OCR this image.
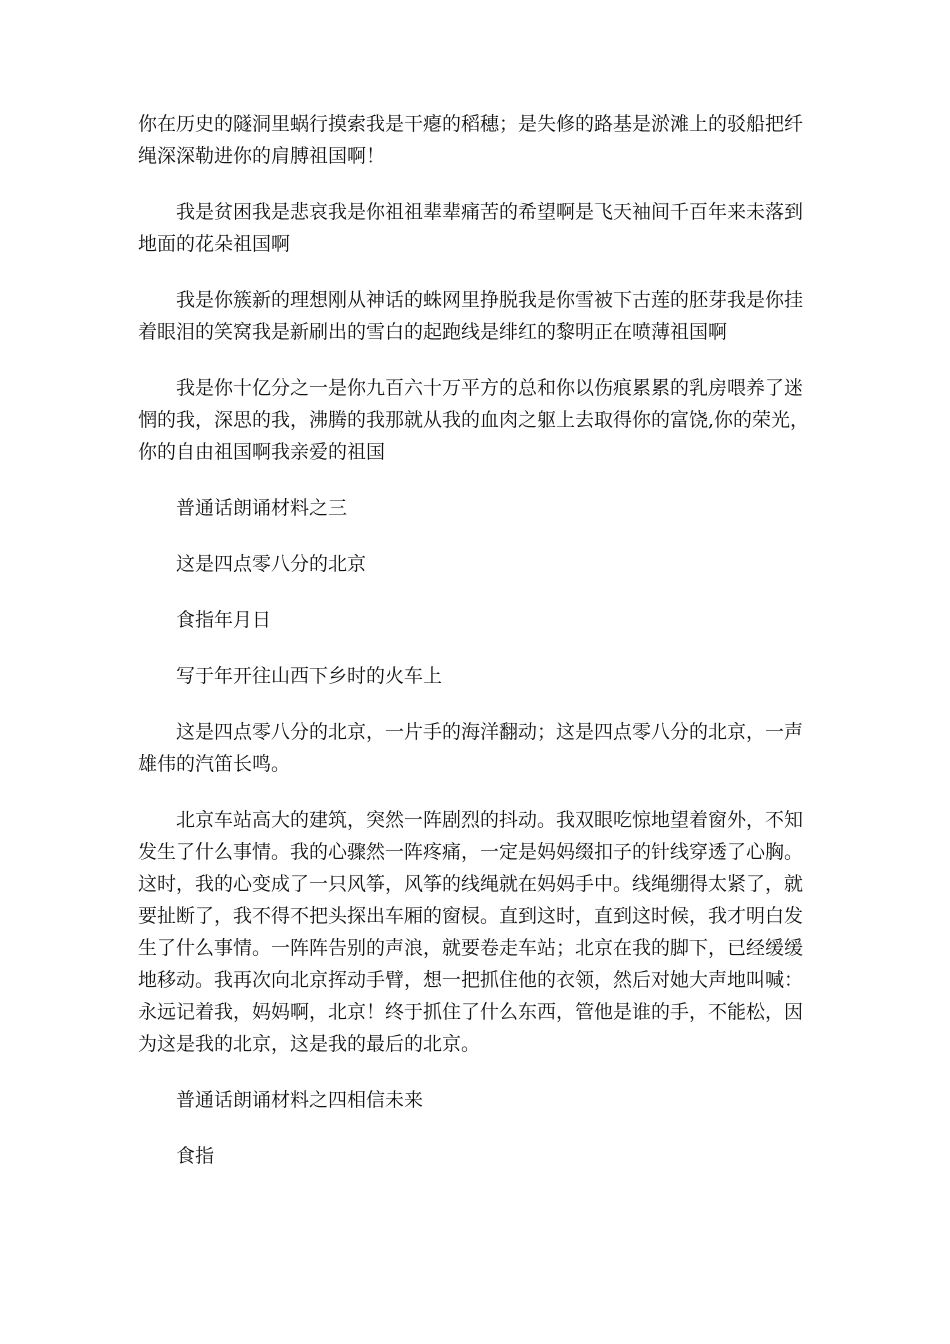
你在历史的隧洞里蜗行摸索我是干瘪的稻穗；是失修的路基是淤滩上的驳船把纤
绳深深勒进你的肩膊祖国啊！

我是贫困我是悲哀我是你祖祖辈辈痛苦的希望啊是飞天袖间千百年来未落到
地面的花朵祖国啊

我是你簇新的理想刚从神话的蛛网里挣脱我是你雪被下古莲的胚芽我是你挂
着眼泪的笑窝我是新刷出的雪白的起跑线是绯红的黎明正在喷薄祖国啊

我是你十亿分之一是你九百六十万平方的总和你以伤痕累累的乳房喂养了迷
惘的我，深思的我，沸腾的我那就从我的血肉之躯上去取得你的富饶,你的荣光，
你的自由祖国啊我亲爱的祖国

普通话朗诵材料之三

这是四点零八分的北京

食指年月日

写于年开往山西下乡时的火车上

这是四点零八分的北京，一片手的海洋翻动；这是四点零八分的北京，一声
雄伟的汽笛长鸣。

北京车站高大的建筑，突然一阵剧烈的抖动。我双眼吃惊地望着窗外，不知
发生了什么事情。我的心骤然一阵疼痛，一定是妈妈缀扣子的针线穿透了心胸。
这时，我的心变成了一只风筝，风筝的线绳就在妈妈手中。线绳绷得太紧了，就
要扯断了，我不得不把头探出车厢的窗棂。直到这时，直到这时候，我才明白发
生了什么事情。一阵阵告别的声浪，就要卷走车站；北京在我的脚下，已经缓缓
地移动。我再次向北京挥动手臂，想一把抓住他的衣领，然后对她大声地叫喊：
永远记着我，妈妈啊，北京！终于抓住了什么东西，管他是谁的手，不能松，因
为这是我的北京，这是我的最后的北京。

普通话朗诵材料之四相信未来

食指
